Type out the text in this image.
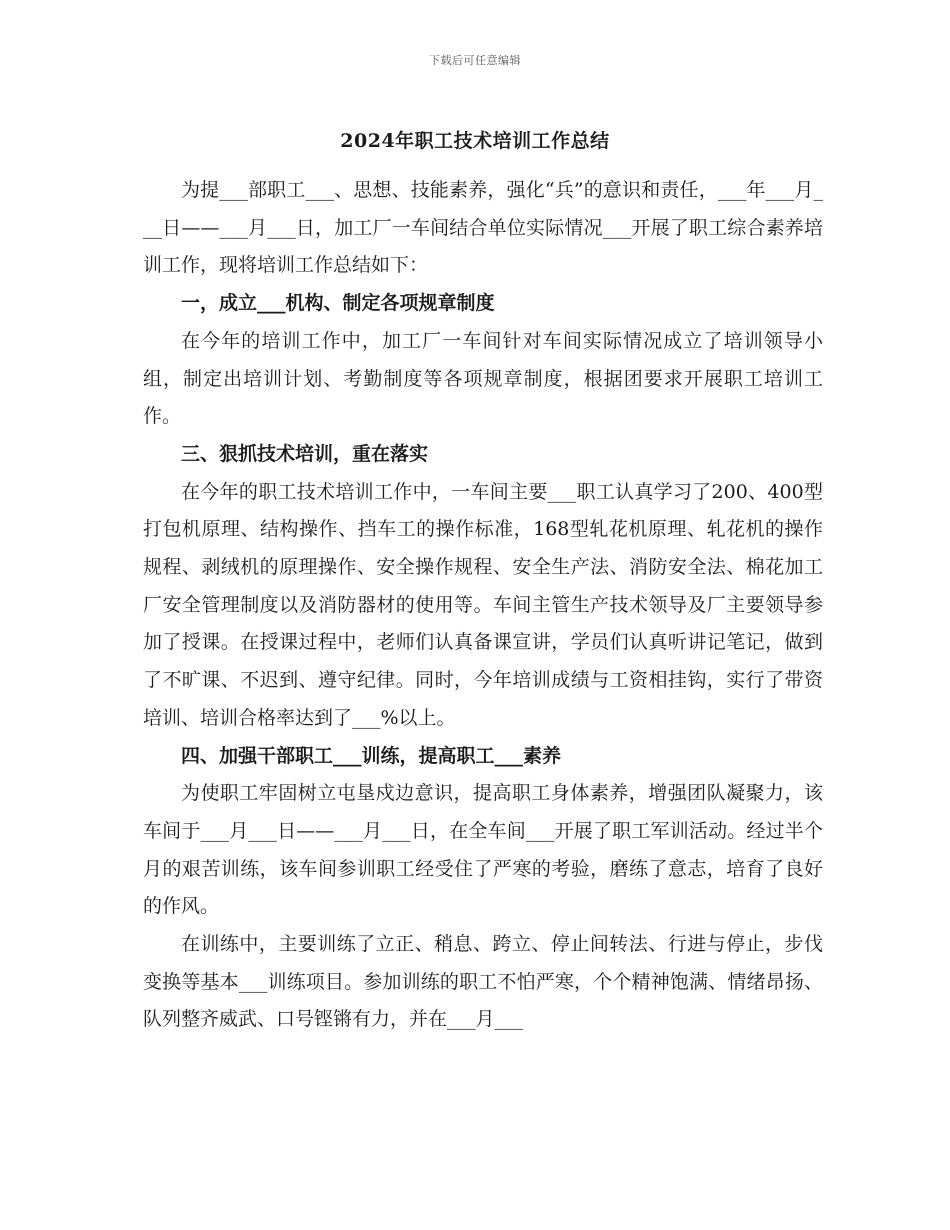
下载后可任意编辑
2024年职工技术培训工作总结

为提___部职工___、思想、技能素养，强化“兵”的意识和责任，___年___月___日——___月___日，加工厂一车间结合单位实际情况___开展了职工综合素养培训工作，现将培训工作总结如下：

一，成立___机构、制定各项规章制度

在今年的培训工作中，加工厂一车间针对车间实际情况成立了培训领导小组，制定出培训计划、考勤制度等各项规章制度，根据团要求开展职工培训工作。

三、狠抓技术培训，重在落实

在今年的职工技术培训工作中，一车间主要___职工认真学习了200、400型打包机原理、结构操作、挡车工的操作标准，168型轧花机原理、轧花机的操作规程、剥绒机的原理操作、安全操作规程、安全生产法、消防安全法、棉花加工厂安全管理制度以及消防器材的使用等。车间主管生产技术领导及厂主要领导参加了授课。在授课过程中，老师们认真备课宣讲，学员们认真听讲记笔记，做到了不旷课、不迟到、遵守纪律。同时，今年培训成绩与工资相挂钩，实行了带资培训、培训合格率达到了___%以上。

四、加强干部职工___训练，提高职工___素养

为使职工牢固树立屯垦戍边意识，提高职工身体素养，增强团队凝聚力，该车间于___月___日——___月___日，在全车间___开展了职工军训活动。经过半个月的艰苦训练，该车间参训职工经受住了严寒的考验，磨练了意志，培育了良好的作风。

在训练中，主要训练了立正、稍息、跨立、停止间转法、行进与停止，步伐变换等基本___训练项目。参加训练的职工不怕严寒，个个精神饱满、情绪昂扬、队列整齐威武、口号铿锵有力，并在___月___
